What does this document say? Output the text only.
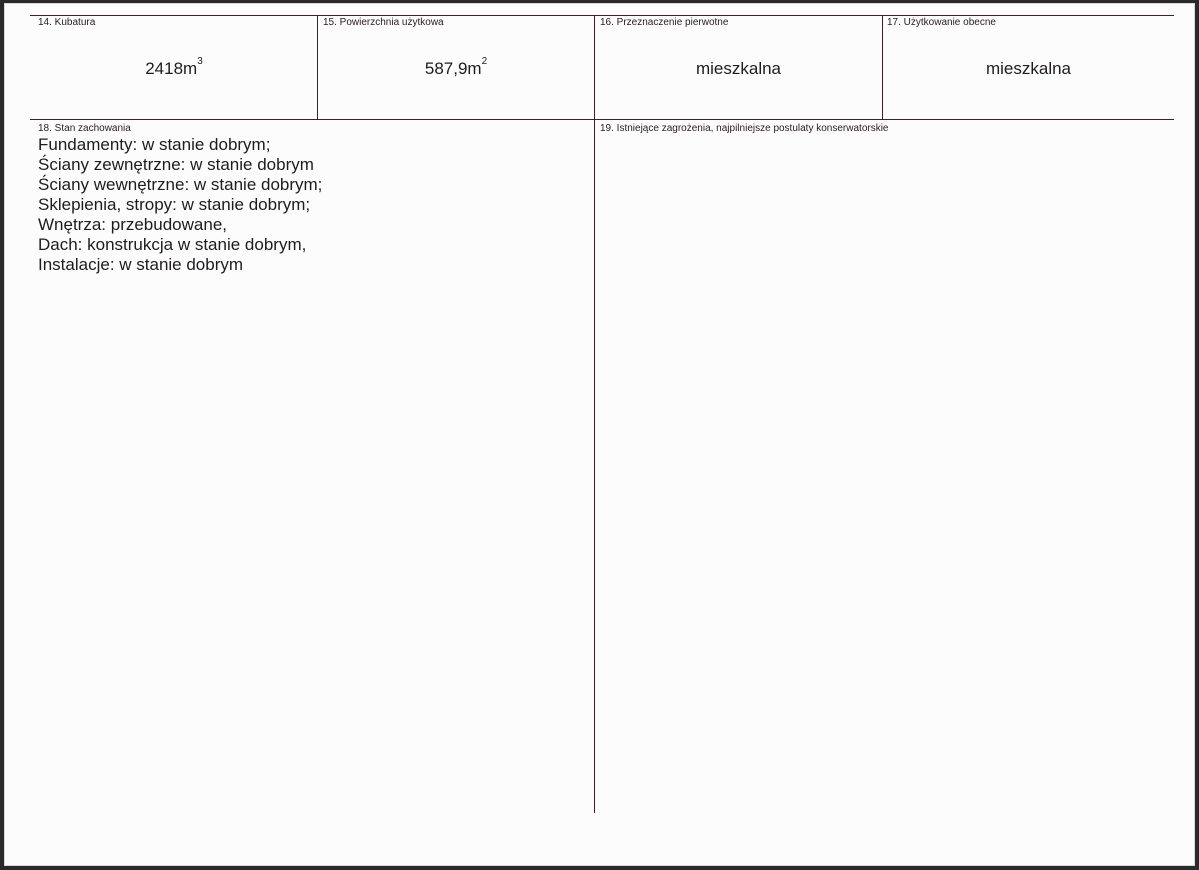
14. Kubatura
$2418m^3$
15. Powierzchnia użytkowa
$587,9m^2$
16. Przeznaczenie pierwotne
mieszkalna
17. Użytkowanie obecne
mieszkalna
18. Stan zachowania
Fundamenty: w stanie dobrym;
Ściany zewnętrzne: w stanie dobrym
Ściany wewnętrzne: w stanie dobrym;
Sklepienia, stropy: w stanie dobrym;
Wnętrza: przebudowane,
Dach: konstrukcja w stanie dobrym,
Instalacje: w stanie dobrym
19. Istniejące zagrożenia, najpilniejsze postulaty konserwatorskie
